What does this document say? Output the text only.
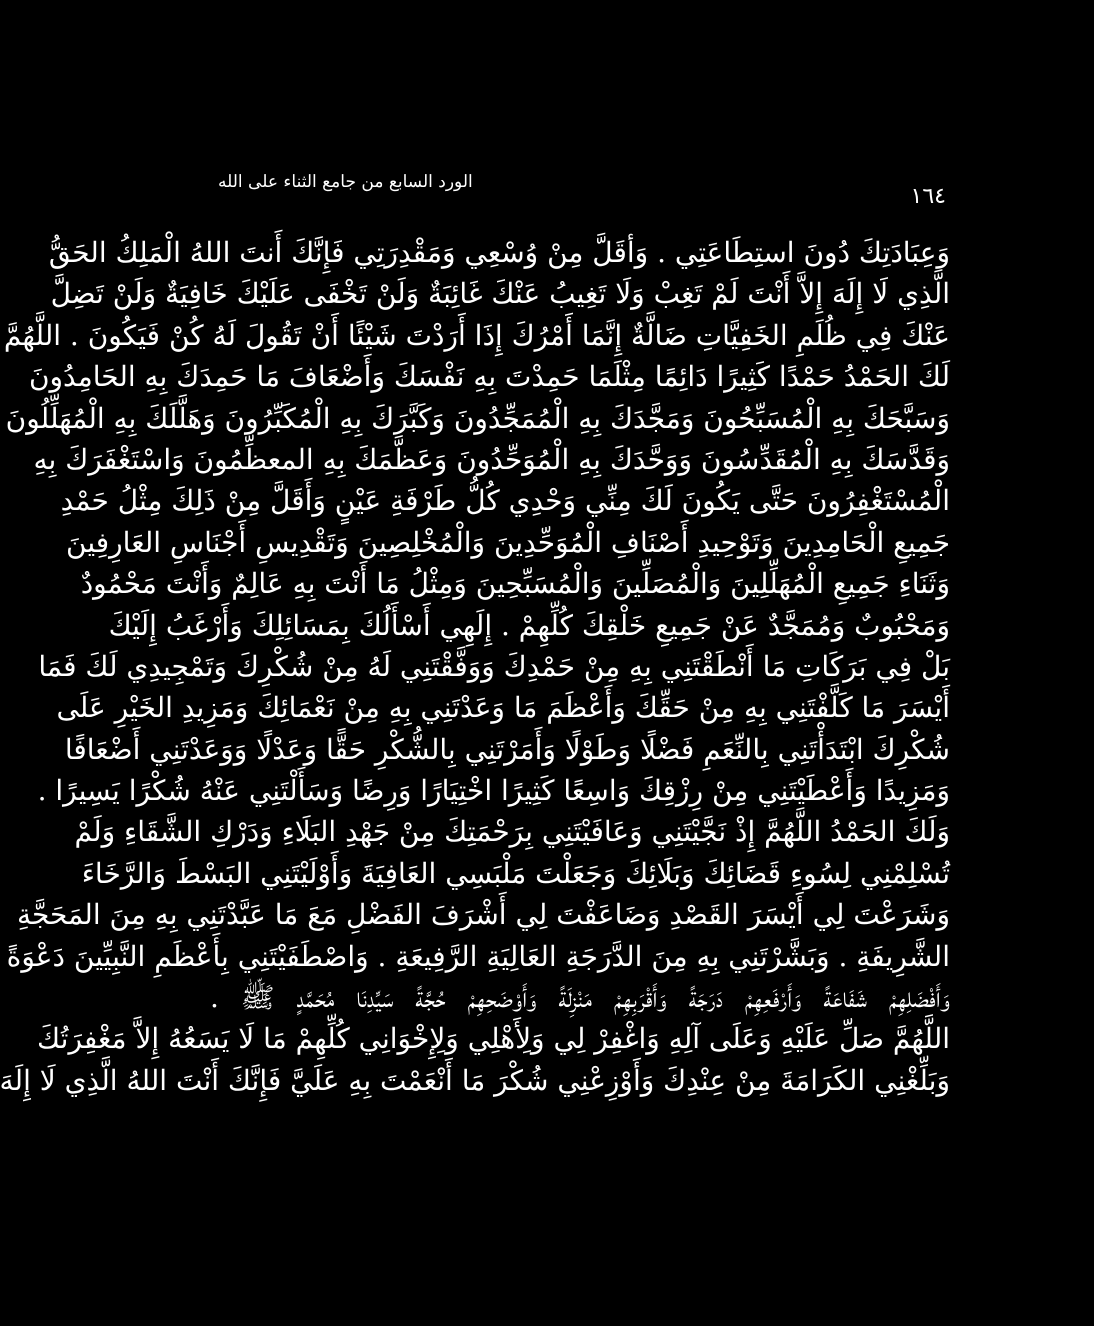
١٦٤
الورد السابع من جامع الثناء على الله
وَعِبَادَتِكَ دُونَ استِطَاعَتِي . وَأقَلَّ مِنْ وُسْعِي وَمَقْدِرَتِي فَإِنَّكَ أَنتَ اللهُ الْمَلِكُ الحَقُّ
الَّذِي لَا إِلَهَ إِلاَّ أَنْتَ لَمْ تَغِبْ وَلَا تَغِيبُ عَنْكَ غَائِبَةٌ وَلَنْ تَخْفَى عَلَيْكَ خَافِيَةٌ وَلَنْ تَضِلَّ
عَنْكَ فِي ظُلَمِ الخَفِيَّاتِ ضَالَّةٌ إِنَّمَا أَمْرُكَ إِذَا أَرَدْتَ شَيْئًا أَنْ تَقُولَ لَهُ كُنْ فَيَكُونَ . اللَّهُمَّ
لَكَ الحَمْدُ حَمْدًا كَثِيرًا دَائِمًا مِثْلَمَا حَمِدْتَ بِهِ نَفْسَكَ وَأَضْعَافَ مَا حَمِدَكَ بِهِ الحَامِدُونَ
وَسَبَّحَكَ بِهِ الْمُسَبِّحُونَ وَمَجَّدَكَ بِهِ الْمُمَجِّدُونَ وَكَبَّرَكَ بِهِ الْمُكَبِّرُونَ وَهَلَّلَكَ بِهِ الْمُهَلِّلُونَ
وَقَدَّسَكَ بِهِ الْمُقَدِّسُونَ وَوَحَّدَكَ بِهِ الْمُوَحِّدُونَ وَعَظَّمَكَ بِهِ المعظِّمُونَ وَاسْتَغْفَرَكَ بِهِ
الْمُسْتَغْفِرُونَ حَتَّى يَكُونَ لَكَ مِنِّي وَحْدِي كُلُّ طَرْفَةِ عَيْنٍ وَأَقَلَّ مِنْ ذَلِكَ مِثْلُ حَمْدِ
جَمِيعِ الْحَامِدِينَ وَتَوْحِيدِ أَصْنَافِ الْمُوَحِّدِينَ وَالْمُخْلِصِينَ وَتَقْدِيسِ أَجْنَاسِ العَارِفِينَ
وَثَنَاءِ جَمِيعِ الْمُهَلِّلِينَ وَالْمُصَلِّينَ وَالْمُسَبِّحِينَ وَمِثْلُ مَا أَنْتَ بِهِ عَالِمٌ وَأَنْتَ مَحْمُودٌ
وَمَحْبُوبٌ وَمُمَجَّدٌ عَنْ جَمِيعِ خَلْقِكَ كُلِّهِمْ . إِلَهِي أَسْأَلُكَ بِمَسَائِلِكَ وَأَرْغَبُ إِلَيْكَ
بَلْ فِي بَرَكَاتِ مَا أَنْطَقْتَنِي بِهِ مِنْ حَمْدِكَ وَوَفَّقْتَنِي لَهُ مِنْ شُكْرِكَ وَتَمْجِيدِي لَكَ فَمَا
أَيْسَرَ مَا كَلَّفْتَنِي بِهِ مِنْ حَقِّكَ وَأَعْظَمَ مَا وَعَدْتَنِي بِهِ مِنْ نَعْمَائِكَ وَمَزِيدِ الخَيْرِ عَلَى
شُكْرِكَ ابْتَدَأْتَنِي بِالنِّعَمِ فَضْلًا وَطَوْلًا وَأَمَرْتَنِي بِالشُّكْرِ حَقًّا وَعَدْلًا وَوَعَدْتَنِي أَضْعَافًا
وَمَزِيدًا وَأَعْطَيْتَنِي مِنْ رِزْقِكَ وَاسِعًا كَثِيرًا اخْتِيَارًا وَرِضًا وَسَأَلْتَنِي عَنْهُ شُكْرًا يَسِيرًا .
وَلَكَ الحَمْدُ اللَّهُمَّ إِذْ نَجَّيْتَنِي وَعَافَيْتَنِي بِرَحْمَتِكَ مِنْ جَهْدِ البَلَاءِ وَدَرْكِ الشَّقَاءِ وَلَمْ
تُسْلِمْنِي لِسُوءِ قَضَائِكَ وَبَلَائِكَ وَجَعَلْتَ مَلْبَسِي العَافِيَةَ وَأَوْلَيْتَنِي البَسْطَ وَالرَّخَاءَ
وَشَرَعْتَ لِي أَيْسَرَ القَصْدِ وَضَاعَفْتَ لِي أَشْرَفَ الفَضْلِ مَعَ مَا عَبَّدْتَنِي بِهِ مِنَ المَحَجَّةِ
الشَّرِيفَةِ . وَبَشَّرْتَنِي بِهِ مِنَ الدَّرَجَةِ العَالِيَةِ الرَّفِيعَةِ . وَاصْطَفَيْتَنِي بِأَعْظَمِ النَّبِيِّينَ دَعْوَةً
وَأَفْضَلِهِمْ شَفَاعَةً وَأَرْفَعِهِمْ دَرَجَةً وَأَقْرَبِهِمْ مَنْزِلَةً وَأَوْضَحِهِمْ حُجَّةً سَيِّدِنَا مُحَمَّدٍ ﷺ .
اللَّهُمَّ صَلِّ عَلَيْهِ وَعَلَى آلِهِ وَاغْفِرْ لِي وَلِأَهْلِي وَلِإِخْوَانِي كُلِّهِمْ مَا لَا يَسَعُهُ إِلاَّ مَغْفِرَتُكَ
وَبَلِّغْنِي الكَرَامَةَ مِنْ عِنْدِكَ وَأَوْزِعْنِي شُكْرَ مَا أَنْعَمْتَ بِهِ عَلَيَّ فَإِنَّكَ أَنْتَ اللهُ الَّذِي لَا إِلَهَ
